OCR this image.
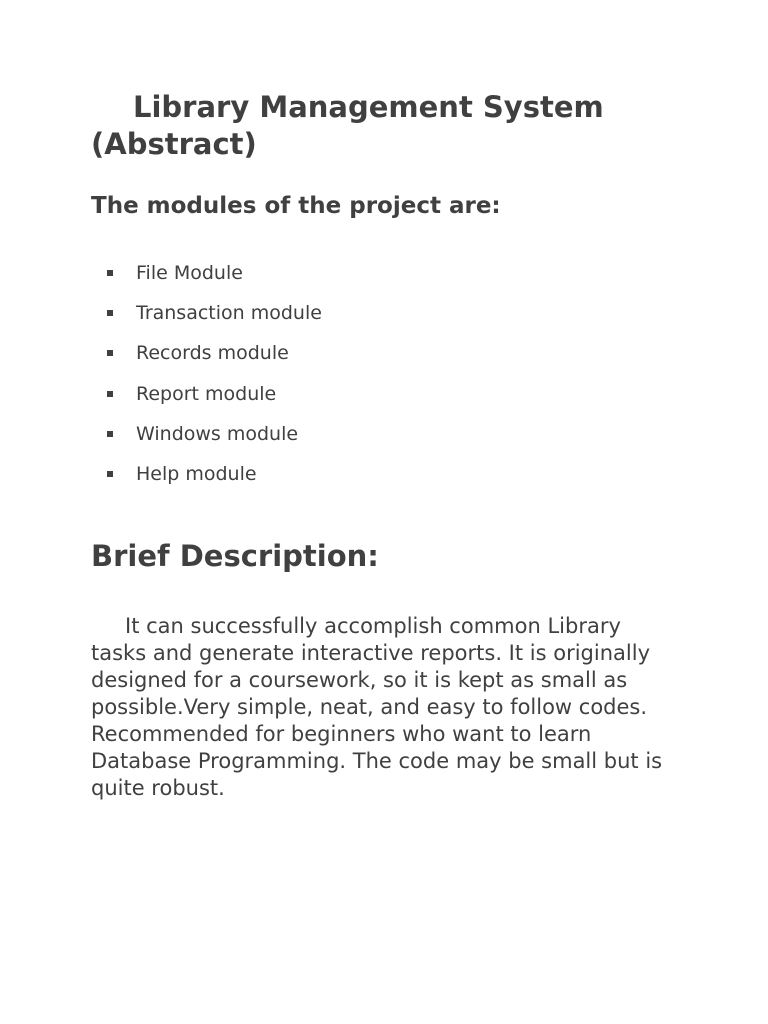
Library Management System (Abstract)
The modules of the project are:
File Module
Transaction module
Records module
Report module
Windows module
Help module
Brief Description:

It can successfully accomplish common Library tasks and generate interactive reports. It is originally designed for a coursework, so it is kept as small as possible.Very simple, neat, and easy to follow codes. Recommended for beginners who want to learn Database Programming. The code may be small but is quite robust.
